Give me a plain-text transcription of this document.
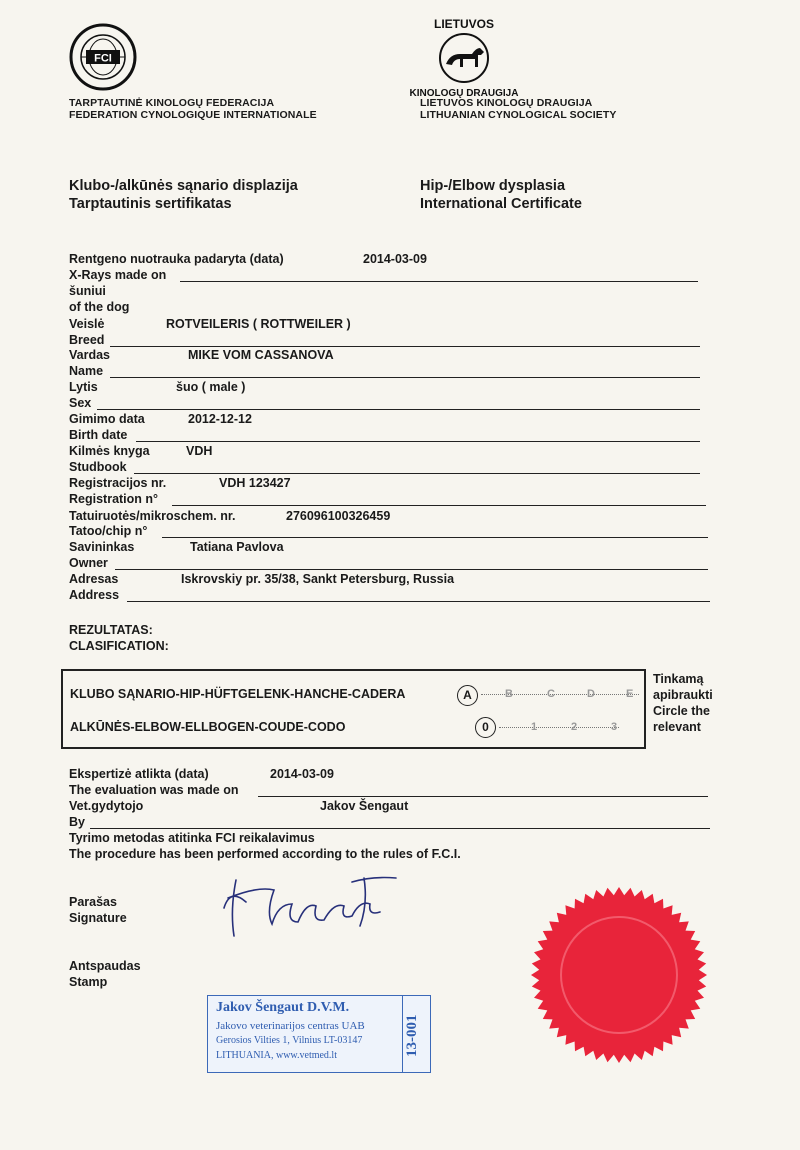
FCI
TARPTAUTINĖ KINOLOGŲ FEDERACIJA
FEDERATION CYNOLOGIQUE INTERNATIONALE
LIETUVOS
KINOLOGŲ DRAUGIJA
LIETUVOS KINOLOGŲ DRAUGIJA
LITHUANIAN CYNOLOGICAL SOCIETY
Klubo-/alkūnės sąnario displazija
Tarptautinis sertifikatas
Hip-/Elbow dysplasia
International Certificate
Rentgeno nuotrauka padaryta (data)	2014-03-09
X-Rays made on
šuniui
of the dog
Veislė	ROTVEILERIS ( ROTTWEILER )
Breed
Vardas	MIKE VOM CASSANOVA
Name
Lytis	šuo ( male )
Sex
Gimimo data	2012-12-12
Birth date
Kilmės knyga	VDH
Studbook
Registracijos nr.	VDH 123427
Registration n°
Tatuiruotės/mikroschem. nr.	276096100326459
Tatoo/chip n°
Savininkas	Tatiana Pavlova
Owner
Adresas	Iskrovskiy pr. 35/38, Sankt Petersburg, Russia
Address
REZULTATAS:
CLASIFICATION:
KLUBO SĄNARIO-HIP-HÜFTGELENK-HANCHE-CADERA	A	B	C	D	E
ALKŪNĖS-ELBOW-ELLBOGEN-COUDE-CODO	0	1	2	3
Tinkamą
apibraukti
Circle the
relevant
Ekspertizė atlikta (data)	2014-03-09
The evaluation was made on
Vet.gydytojo	Jakov Šengaut
By
Tyrimo metodas atitinka FCI reikalavimus
The procedure has been performed according to the rules of F.C.I.
Parašas
Signature
Antspaudas
Stamp
Jakov Šengaut D.V.M.
Jakovo veterinarijos centras UAB
Gerosios Vilties 1, Vilnius LT-03147
LITHUANIA, www.vetmed.lt	13-001
